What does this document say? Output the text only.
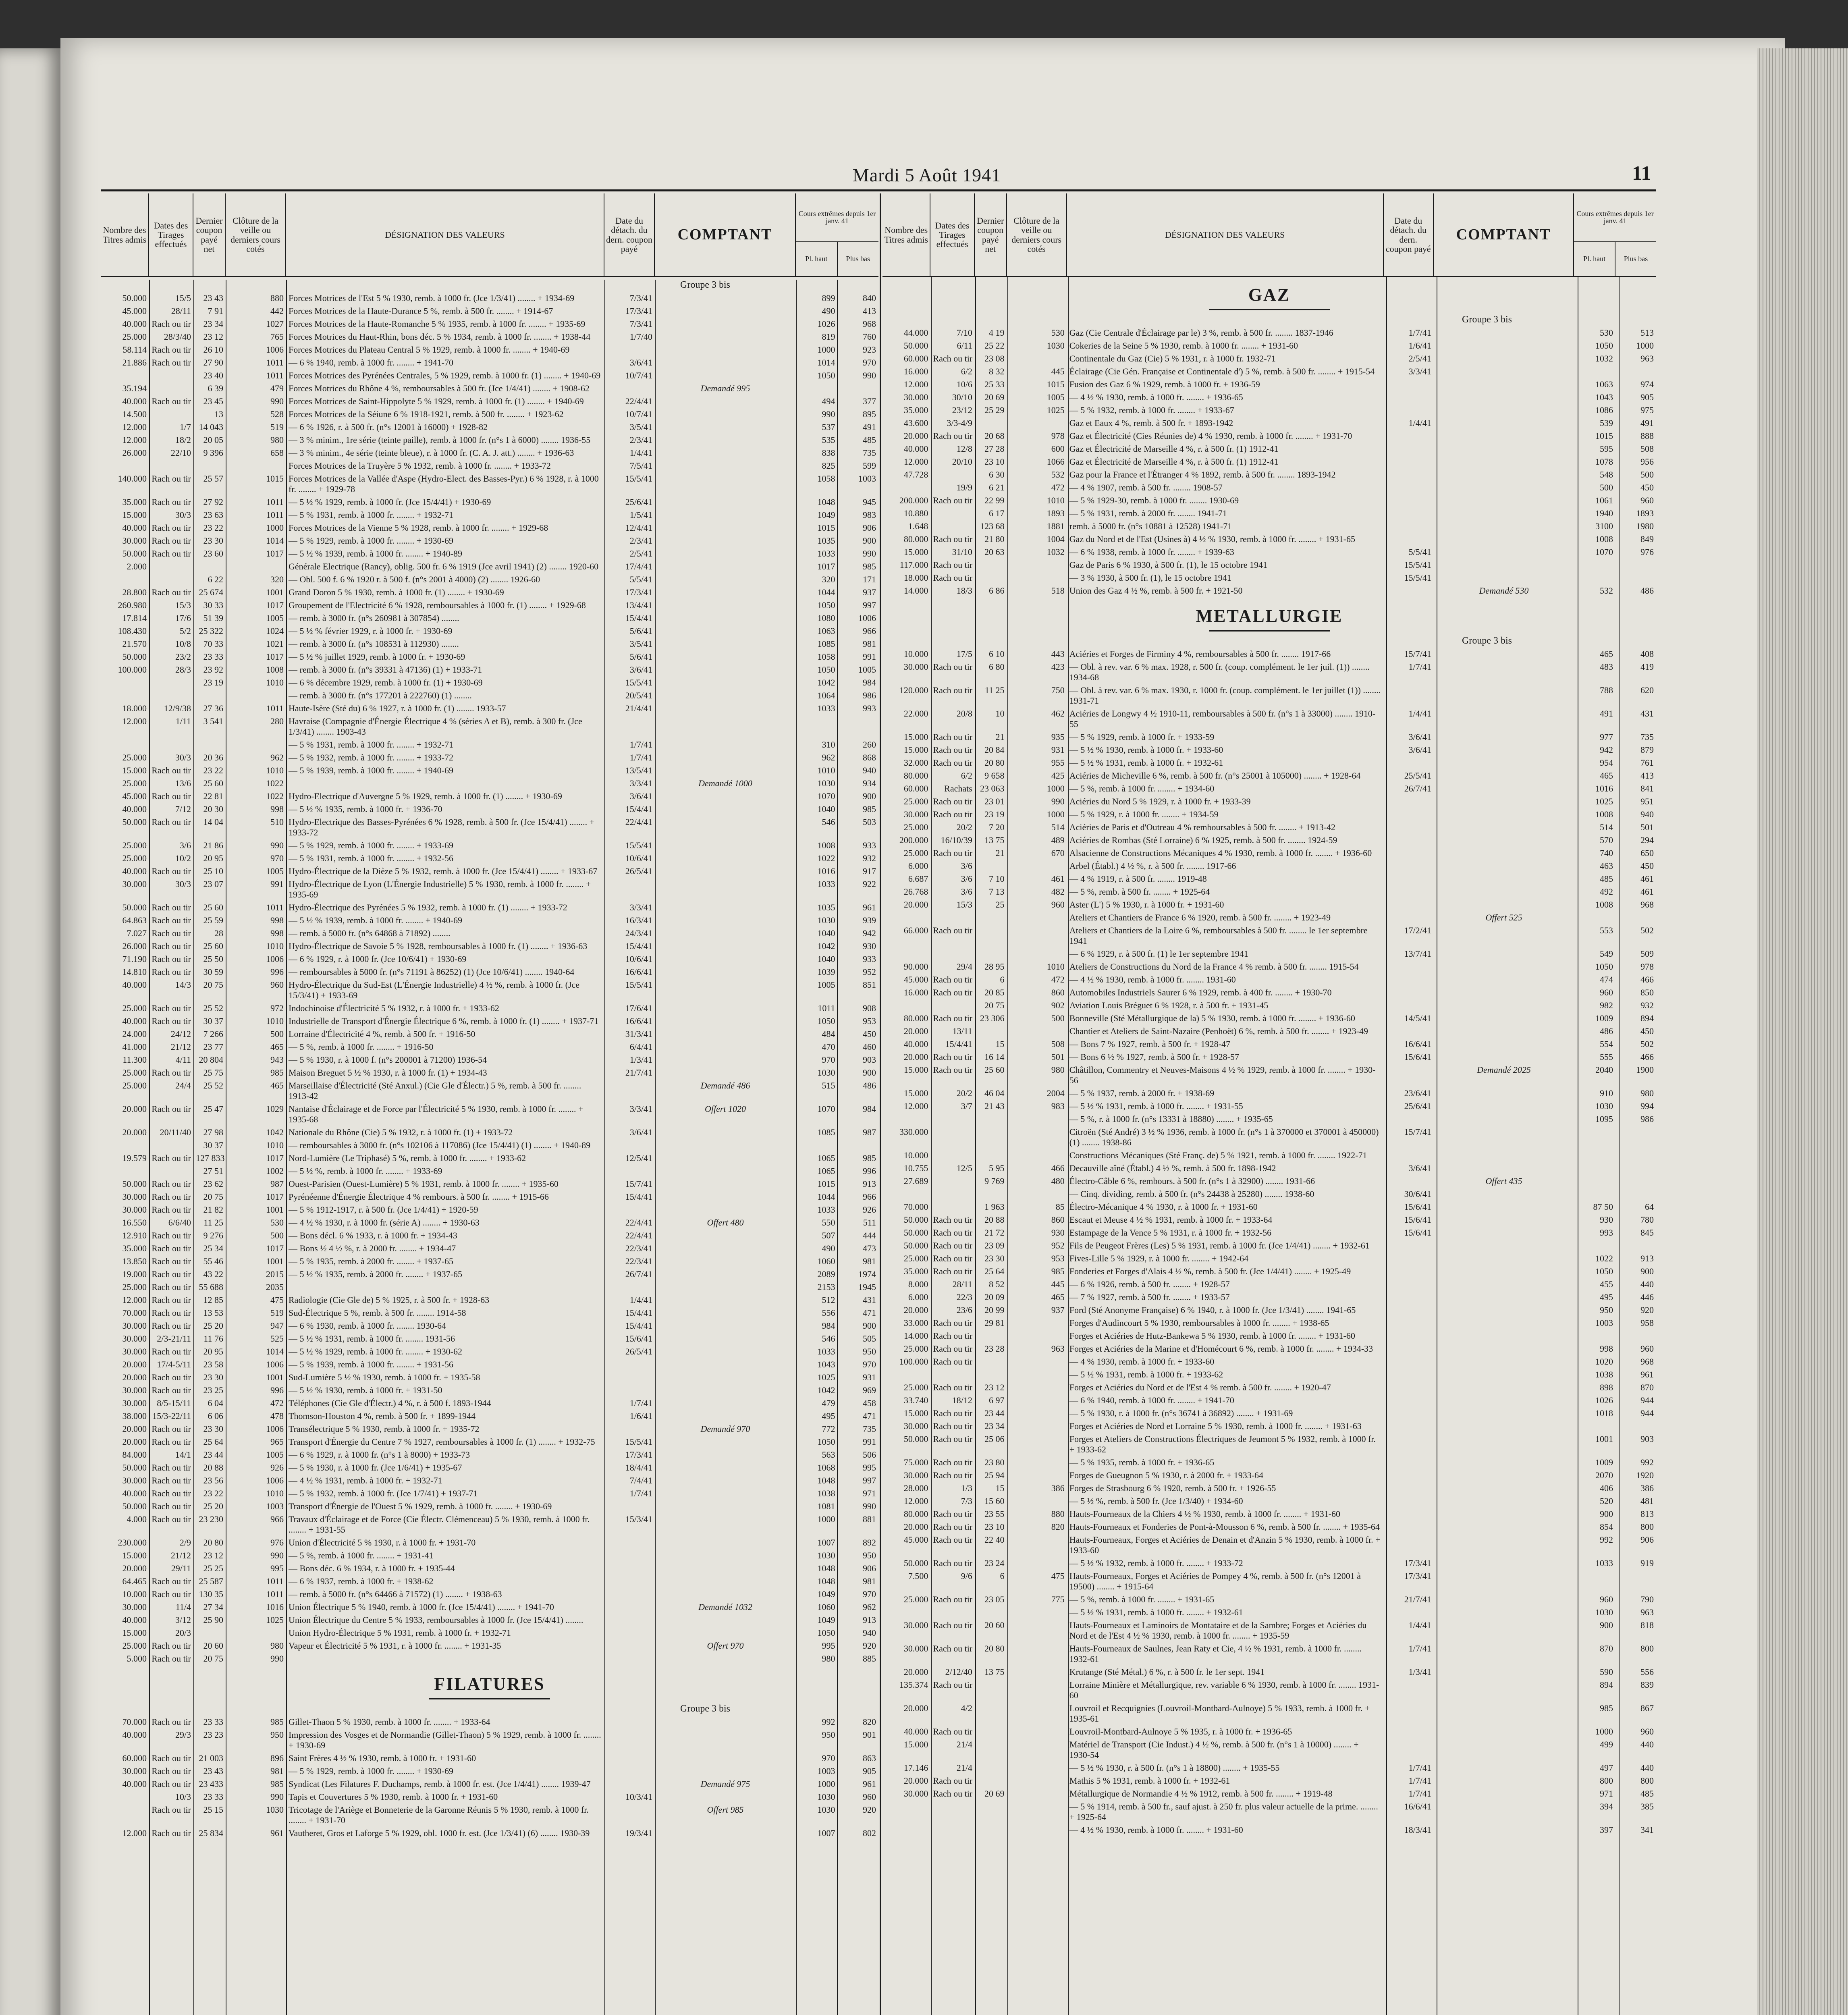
Mardi 5 Août 1941	11
Nombre des Titres admis
Dates des Tirages effectués
Dernier coupon payé net
Clôture de la veille ou derniers cours cotés
DÉSIGNATION DES VALEURS
Date du détach. du dern. coupon payé
COMPTANT
Cours extrêmes depuis 1er janv. 41
Pl. haut	Plus bas
Groupe 3 bis
50.000	15/5	23 43	880 Forces Motrices de l'Est 5 % 1930, remb. à 1000 fr. (Jce 1/3/41) ........ + 1934-69	7/3/41	899	840
45.000	28/11	7 91	442 Forces Motrices de la Haute-Durance 5 %, remb. à 500 fr. ........ + 1914-67	17/3/41	490	413
40.000 Rach ou tir	23 34	1027 Forces Motrices de la Haute-Romanche 5 % 1935, remb. à 1000 fr. ........ + 1935-69	7/3/41	1026	968
25.000	28/3/40	23 12	765 Forces Motrices du Haut-Rhin, bons déc. 5 % 1934, remb. à 1000 fr. ........ + 1938-44	1/7/40	819	760
58.114 Rach ou tir	26 10	1006 Forces Motrices du Plateau Central 5 % 1929, remb. à 1000 fr. ........ + 1940-69	1000	923
21.886 Rach ou tir	27 90	1011 — 6 % 1940, remb. à 1000 fr. ........ + 1941-70	3/6/41	1014	970
23 40	1011 Forces Motrices des Pyrénées Centrales, 5 % 1929, remb. à 1000 fr. (1) ........ + 1940-69	10/7/41	1050	990
35.194	6 39	479 Forces Motrices du Rhône 4 %, remboursables à 500 fr. (Jce 1/4/41) ........ + 1908-62	Demandé 995
40.000 Rach ou tir	23 45	990 Forces Motrices de Saint-Hippolyte 5 % 1929, remb. à 1000 fr. (1) ........ + 1940-69	22/4/41	494	377
14.500	13	528 Forces Motrices de la Séiune 6 % 1918-1921, remb. à 500 fr. ........ + 1923-62	10/7/41	990	895
12.000	1/7 14 043	519 — 6 % 1926, r. à 500 fr. (n°s 12001 à 16000) + 1928-82	3/5/41	537	491
12.000	18/2	20 05	980 — 3 % minim., 1re série (teinte paille), remb. à 1000 fr. (n°s 1 à 6000) ........ 1936-55	2/3/41	535	485
26.000	22/10	9 396	658 — 3 % minim., 4e série (teinte bleue), r. à 1000 fr. (C. A. J. att.) ........ + 1936-63	1/4/41	838	735
Forces Motrices de la Truyère 5 % 1932, remb. à 1000 fr. ........ + 1933-72	7/5/41	825	599
140.000 Rach ou tir	25 57	1015 Forces Motrices de la Vallée d'Aspe (Hydro-Elect. des Basses-Pyr.) 6 % 1928, r. à 1000 fr. ........ + 1929-78
15/5/41	1058	1003
35.000 Rach ou tir	27 92	1011 — 5 ½ % 1929, remb. à 1000 fr. (Jce 15/4/41) + 1930-69	25/6/41	1048	945
15.000	30/3	23 63	1011 — 5 % 1931, remb. à 1000 fr. ........ + 1932-71	1/5/41	1049	983
40.000 Rach ou tir	23 22	1000 Forces Motrices de la Vienne 5 % 1928, remb. à 1000 fr. ........ + 1929-68	12/4/41	1015	906
30.000 Rach ou tir	23 30	1014 — 5 % 1929, remb. à 1000 fr. ........ + 1930-69	2/3/41	1035	900
50.000 Rach ou tir	23 60	1017 — 5 ½ % 1939, remb. à 1000 fr. ........ + 1940-89	2/5/41	1033	990
2.000	Générale Electrique (Rancy), oblig. 500 fr. 6 % 1919 (Jce avril 1941) (2) ........ 1920-60	17/4/41	1017	985
6 22	320 — Obl. 500 f. 6 % 1920 r. à 500 f. (n°s 2001 à 4000) (2) ........ 1926-60	5/5/41	320	171
28.800 Rach ou tir 25 674	1001 Grand Doron 5 % 1930, remb. à 1000 fr. (1) ........ + 1930-69	17/3/41	1044	937
260.980	15/3	30 33	1017 Groupement de l'Electricité 6 % 1928, remboursables à 1000 fr. (1) ........ + 1929-68	13/4/41	1050	997
17.814	17/6	51 39	1005 — remb. à 3000 fr. (n°s 260981 à 307854) ........	15/4/41	1080	1006
108.430	5/2 25 322	1024 — 5 ½ % février 1929, r. à 1000 fr. + 1930-69	5/6/41	1063	966
21.570	10/8	70 33	1021 — remb. à 3000 fr. (n°s 108531 à 112930) ........	3/5/41	1085	981
50.000	23/2	23 33	1017 — 5 ½ % juillet 1929, remb. à 1000 fr. + 1930-69	5/6/41	1058	991
100.000	28/3	23 92	1008 — remb. à 3000 fr. (n°s 39331 à 47136) (1) + 1933-71	3/6/41	1050	1005
23 19	1010 — 6 % décembre 1929, remb. à 1000 fr. (1) + 1930-69	15/5/41	1042	984
— remb. à 3000 fr. (n°s 177201 à 222760) (1) ........	20/5/41	1064	986
18.000	12/9/38	27 36	1011 Haute-Isère (Sté du) 6 % 1927, r. à 1000 fr. (1) ........ 1933-57	21/4/41	1033	993
12.000	1/11	3 541	280 Havraise (Compagnie d'Énergie Électrique 4 % (séries A et B), remb. à 300 fr. (Jce 1/3/41) ........ 1903-43
— 5 % 1931, remb. à 1000 fr. ........ + 1932-71	1/7/41	310	260
25.000	30/3	20 36	962 — 5 % 1932, remb. à 1000 fr. ........ + 1933-72	1/7/41	962	868
15.000 Rach ou tir	23 22	1010 — 5 % 1939, remb. à 1000 fr. ........ + 1940-69	13/5/41	1010	940
25.000	13/6	25 60	1022	3/3/41	Demandé 1000	1030	934
45.000 Rach ou tir	22 81	1022 Hydro-Electrique d'Auvergne 5 % 1929, remb. à 1000 fr. (1) ........ + 1930-69	3/6/41	1070	900
40.000	7/12	20 30	998 — 5 ½ % 1935, remb. à 1000 fr. + 1936-70	15/4/41	1040	985
50.000 Rach ou tir	14 04	510 Hydro-Electrique des Basses-Pyrénées 6 % 1928, remb. à 500 fr. (Jce 15/4/41) ........ + 1933-72
22/4/41	546	503
25.000	3/6	21 86	990 — 5 % 1929, remb. à 1000 fr. ........ + 1933-69	15/5/41	1008	933
25.000	10/2	20 95	970 — 5 % 1931, remb. à 1000 fr. ........ + 1932-56	10/6/41	1022	932
40.000 Rach ou tir	25 10	1005 Hydro-Électrique de la Dièze 5 % 1932, remb. à 1000 fr. (Jce 15/4/41) ........ + 1933-67	26/5/41	1016	917
30.000	30/3	23 07	991 Hydro-Électrique de Lyon (L'Énergie Industrielle) 5 % 1930, remb. à 1000 fr. ........ + 1935-69
1033	922
50.000 Rach ou tir	25 60	1011 Hydro-Électrique des Pyrénées 5 % 1932, remb. à 1000 fr. (1) ........ + 1933-72	3/3/41	1035	961
64.863 Rach ou tir	25 59	998 — 5 ½ % 1939, remb. à 1000 fr. ........ + 1940-69	16/3/41	1030	939
7.027 Rach ou tir	28	998 — remb. à 5000 fr. (n°s 64868 à 71892) ........	24/3/41	1040	942
26.000 Rach ou tir	25 60	1010 Hydro-Électrique de Savoie 5 % 1928, remboursables à 1000 fr. (1) ........ + 1936-63	15/4/41	1042	930
71.190 Rach ou tir	25 50	1006 — 6 % 1929, r. à 1000 fr. (Jce 10/6/41) + 1930-69	10/6/41	1040	933
14.810 Rach ou tir	30 59	996 — remboursables à 5000 fr. (n°s 71191 à 86252) (1) (Jce 10/6/41) ........ 1940-64	16/6/41	1039	952
40.000	14/3	20 75	960 Hydro-Électrique du Sud-Est (L'Énergie Industrielle) 4 ½ %, remb. à 1000 fr. (Jce 15/3/41) + 1933-69
15/5/41	1005	851
25.000 Rach ou tir	25 52	972 Indochinoise d'Électricité 5 % 1932, r. à 1000 fr. + 1933-62	17/6/41	1011	908
40.000 Rach ou tir	30 37	1010 Industrielle de Transport d'Énergie Électrique 6 %, remb. à 1000 fr. (1) ........ + 1937-71	16/6/41	1050	953
24.000	24/12	7 266	500 Lorraine d'Électricité 4 %, remb. à 500 fr. + 1916-50	31/3/41	484	450
41.000	21/12	23 77	465 — 5 %, remb. à 1000 fr. ........ + 1916-50	6/4/41	470	460
11.300	4/11 20 804	943 — 5 % 1930, r. à 1000 f. (n°s 200001 à 71200) 1936-54	1/3/41	970	903
25.000 Rach ou tir	25 75	985 Maison Breguet 5 ½ % 1930, r. à 1000 fr. (1) + 1934-43	21/7/41	1030	900
25.000	24/4	25 52	465 Marseillaise d'Électricité (Sté Anxul.) (Cie Gle d'Électr.) 5 %, remb. à 500 fr. ........ 1913-42
Demandé 486	515	486
20.000 Rach ou tir	25 47	1029 Nantaise d'Éclairage et de Force par l'Électricité 5 % 1930, remb. à 1000 fr. ........ + 1935-68
3/3/41	Offert 1020	1070	984
20.000	20/11/40	27 98	1042 Nationale du Rhône (Cie) 5 % 1932, r. à 1000 fr. (1) + 1933-72	3/6/41	1085	987
30 37	1010 — remboursables à 3000 fr. (n°s 102106 à 117086) (Jce 15/4/41) (1) ........ + 1940-89
19.579 Rach ou tir 127 833	1017 Nord-Lumière (Le Triphasé) 5 %, remb. à 1000 fr. ........ + 1933-62	12/5/41	1065	985
27 51	1002 — 5 ½ %, remb. à 1000 fr. ........ + 1933-69	1065	996
50.000 Rach ou tir	23 62	987 Ouest-Parisien (Ouest-Lumière) 5 % 1931, remb. à 1000 fr. ........ + 1935-60	15/7/41	1015	913
30.000 Rach ou tir	20 75	1017 Pyrénéenne d'Énergie Électrique 4 % rembours. à 500 fr. ........ + 1915-66	15/4/41	1044	966
30.000 Rach ou tir	21 82	1001 — 5 % 1912-1917, r. à 500 fr. (Jce 1/4/41) + 1920-59	1033	926
16.550	6/6/40	11 25	530 — 4 ½ % 1930, r. à 1000 fr. (série A) ........ + 1930-63	22/4/41	Offert 480	550	511
12.910 Rach ou tir	9 276	500 — Bons décl. 6 % 1933, r. à 1000 fr. + 1934-43	22/4/41	507	444
35.000 Rach ou tir	25 34	1017 — Bons ½ 4 ½ %, r. à 2000 fr. ........ + 1934-47	22/3/41	490	473
13.850 Rach ou tir	55 46	1001 — 5 % 1935, remb. à 2000 fr. ........ + 1937-65	22/3/41	1060	981
19.000 Rach ou tir	43 22	2015 — 5 ½ % 1935, remb. à 2000 fr. ........ + 1937-65	26/7/41	2089	1974
25.000 Rach ou tir 55 688	2035	2153	1945
12.000 Rach ou tir	12 85	475 Radiologie (Cie Gle de) 5 % 1925, r. à 500 fr. + 1928-63	1/4/41	512	431
70.000 Rach ou tir	13 53	519 Sud-Électrique 5 %, remb. à 500 fr. ........ 1914-58	15/4/41	556	471
30.000 Rach ou tir	25 20	947 — 6 % 1930, remb. à 1000 fr. ........ 1930-64	15/4/41	984	900
30.000	2/3-21/11	11 76	525 — 5 ½ % 1931, remb. à 1000 fr. ........ 1931-56	15/6/41	546	505
30.000 Rach ou tir	20 95	1014 — 5 ½ % 1929, remb. à 1000 fr. ........ + 1930-62	26/5/41	1033	950
20.000	17/4-5/11	23 58	1006 — 5 % 1939, remb. à 1000 fr. ........ + 1931-56	1043	970
20.000 Rach ou tir	23 30	1001 Sud-Lumière 5 ½ % 1930, remb. à 1000 fr. + 1935-58	1025	931
30.000 Rach ou tir	23 25	996 — 5 ½ % 1930, remb. à 1000 fr. + 1931-50	1042	969
30.000	8/5-15/11	6 04	472 Téléphones (Cie Gle d'Électr.) 4 %, r. à 500 f. 1893-1944	1/7/41	479	458
38.000 15/3-22/11	6 06	478 Thomson-Houston 4 %, remb. à 500 fr. + 1899-1944	1/6/41	495	471
20.000 Rach ou tir	23 30	1006 Transélectrique 5 % 1930, remb. à 1000 fr. + 1935-72	Demandé 970	772	735
20.000 Rach ou tir	25 64	965 Transport d'Énergie du Centre 7 % 1927, remboursables à 1000 fr. (1) ........ + 1932-75	15/5/41	1050	991
84.000	14/1	23 44	1005 — 6 % 1929, r. à 1000 fr. (n°s 1 à 8000) + 1933-73	17/3/41	563	506
50.000 Rach ou tir	20 88	926 — 5 % 1930, r. à 1000 fr. (Jce 1/6/41) + 1935-67	18/4/41	1068	995
30.000 Rach ou tir	23 56	1006 — 4 ½ % 1931, remb. à 1000 fr. + 1932-71	7/4/41	1048	997
40.000 Rach ou tir	23 22	1010 — 5 % 1932, remb. à 1000 fr. (Jce 1/7/41) + 1937-71	1/7/41	1038	971
50.000 Rach ou tir	25 20	1003 Transport d'Énergie de l'Ouest 5 % 1929, remb. à 1000 fr. ........ + 1930-69	1081	990
4.000 Rach ou tir 23 230	966 Travaux d'Éclairage et de Force (Cie Électr. Clémenceau) 5 % 1930, remb. à 1000 fr. ........ + 1931-55
15/3/41	1000	881
230.000	2/9	20 80	976 Union d'Électricité 5 % 1930, r. à 1000 fr. + 1931-70	1007	892
15.000	21/12	23 12	990 — 5 %, remb. à 1000 fr. ........ + 1931-41	1030	950
20.000	29/11	25 25	995 — Bons déc. 6 % 1934, r. à 1000 fr. + 1935-44	1048	906
64.465 Rach ou tir 25 587	1011 — 6 % 1937, remb. à 1000 fr. + 1938-62	1048	981
10.000 Rach ou tir 130 35	1011 — remb. à 5000 fr. (n°s 64466 à 71572) (1) ........ + 1938-63	1049	970
30.000	11/4	27 34	1016 Union Électrique 5 % 1940, remb. à 1000 fr. (Jce 15/4/41) ........ + 1941-70	Demandé 1032	1060	962
40.000	3/12	25 90	1025 Union Électrique du Centre 5 % 1933, remboursables à 1000 fr. (Jce 15/4/41) ........	1049	913
15.000	20/3	Union Hydro-Électrique 5 % 1931, remb. à 1000 fr. + 1932-71	1050	940
25.000 Rach ou tir	20 60	980 Vapeur et Électricité 5 % 1931, r. à 1000 fr. ........ + 1931-35	Offert 970	995	920
5.000 Rach ou tir	20 75	990	980	885
FILATURES
Groupe 3 bis
70.000 Rach ou tir	23 33	985 Gillet-Thaon 5 % 1930, remb. à 1000 fr. ........ + 1933-64	992	820
40.000	29/3	23 23	950 Impression des Vosges et de Normandie (Gillet-Thaon) 5 % 1929, remb. à 1000 fr. ........ + 1930-69
950	901
60.000 Rach ou tir 21 003	896 Saint Frères 4 ½ % 1930, remb. à 1000 fr. + 1931-60	970	863
30.000 Rach ou tir	23 43	981 — 5 % 1929, remb. à 1000 fr. ........ + 1930-69	1003	905
40.000 Rach ou tir 23 433	985 Syndicat (Les Filatures F. Duchamps, remb. à 1000 fr. est. (Jce 1/4/41) ........ 1939-47	Demandé 975	1000	961
10/3	23 33	990 Tapis et Couvertures 5 % 1930, remb. à 1000 fr. + 1931-60	10/3/41	1030	960
Rach ou tir	25 15	1030 Tricotage de l'Ariège et Bonneterie de la Garonne Réunis 5 % 1930, remb. à 1000 fr. ........ + 1931-70
Offert 985	1030	920
12.000 Rach ou tir 25 834	961 Vautheret, Gros et Laforge 5 % 1929, obl. 1000 fr. est. (Jce 1/3/41) (6) ........ 1930-39	19/3/41	1007	802
Nombre des Titres admis
Dates des Tirages effectués
Dernier coupon payé net
Clôture de la veille ou derniers cours cotés
DÉSIGNATION DES VALEURS
Date du détach. du dern. coupon payé
COMPTANT
Cours extrêmes depuis 1er janv. 41
Pl. haut	Plus bas
GAZ
Groupe 3 bis
44.000	7/10	4 19	530 Gaz (Cie Centrale d'Éclairage par le) 3 %, remb. à 500 fr. ........ 1837-1946	1/7/41	530	513
50.000	6/11	25 22	1030 Cokeries de la Seine 5 % 1930, remb. à 1000 fr. ........ + 1931-60	1/6/41	1050	1000
60.000 Rach ou tir	23 08	Continentale du Gaz (Cie) 5 % 1931, r. à 1000 fr. 1932-71	2/5/41	1032	963
16.000	6/2	8 32	445 Éclairage (Cie Gén. Française et Continentale d') 5 %, remb. à 500 fr. ........ + 1915-54	3/3/41
12.000	10/6	25 33	1015 Fusion des Gaz 6 % 1929, remb. à 1000 fr. + 1936-59	1063	974
30.000	30/10	20 69	1005 — 4 ½ % 1930, remb. à 1000 fr. ........ + 1936-65	1043	905
35.000	23/12	25 29	1025 — 5 % 1932, remb. à 1000 fr. ........ + 1933-67	1086	975
43.600	3/3-4/9	Gaz et Eaux 4 %, remb. à 500 fr. + 1893-1942	1/4/41	539	491
20.000 Rach ou tir	20 68	978 Gaz et Électricité (Cies Réunies de) 4 % 1930, remb. à 1000 fr. ........ + 1931-70	1015	888
40.000	12/8	27 28	600 Gaz et Électricité de Marseille 4 %, r. à 500 fr. (1) 1912-41	595	508
12.000	20/10	23 10	1066 Gaz et Électricité de Marseille 4 %, r. à 500 fr. (1) 1912-41	1078	956
47.728	6 30	532 Gaz pour la France et l'Étranger 4 % 1892, remb. à 500 fr. ........ 1893-1942	548	500
19/9	6 21	472 — 4 % 1907, remb. à 500 fr. ........ 1908-57	500	450
200.000 Rach ou tir	22 99	1010 — 5 % 1929-30, remb. à 1000 fr. ........ 1930-69	1061	960
10.880	6 17	1893 — 5 % 1931, remb. à 2000 fr. ........ 1941-71	1940	1893
1.648	123 68	1881 remb. à 5000 fr. (n°s 10881 à 12528) 1941-71	3100	1980
80.000 Rach ou tir	21 80	1004 Gaz du Nord et de l'Est (Usines à) 4 ½ % 1930, remb. à 1000 fr. ........ + 1931-65	1008	849
15.000	31/10	20 63	1032 — 6 % 1938, remb. à 1000 fr. ........ + 1939-63	5/5/41	1070	976
117.000 Rach ou tir	Gaz de Paris 6 % 1930, à 500 fr. (1), le 15 octobre 1941	15/5/41
18.000 Rach ou tir	— 3 % 1930, à 500 fr. (1), le 15 octobre 1941	15/5/41
14.000	18/3	6 86	518 Union des Gaz 4 ½ %, remb. à 500 fr. + 1921-50	Demandé 530	532	486
METALLURGIE
Groupe 3 bis
10.000	17/5	6 10	443 Aciéries et Forges de Firminy 4 %, remboursables à 500 fr. ........ 1917-66	15/7/41	465	408
30.000 Rach ou tir	6 80	423 — Obl. à rev. var. 6 % max. 1928, r. 500 fr. (coup. complément. le 1er juil. (1)) ........ 1934-68
1/7/41	483	419
120.000 Rach ou tir	11 25	750 — Obl. à rev. var. 6 % max. 1930, r. 1000 fr. (coup. complément. le 1er juillet (1)) ........ 1931-71
788	620
22.000	20/8	10	462 Aciéries de Longwy 4 ½ 1910-11, remboursables à 500 fr. (n°s 1 à 33000) ........ 1910-55
1/4/41	491	431
15.000 Rach ou tir	21	935 — 5 % 1929, remb. à 1000 fr. + 1933-59	3/6/41	977	735
15.000 Rach ou tir	20 84	931 — 5 ½ % 1930, remb. à 1000 fr. + 1933-60	3/6/41	942	879
32.000 Rach ou tir	20 80	955 — 5 ½ % 1931, remb. à 1000 fr. + 1932-61	954	761
80.000	6/2	9 658	425 Aciéries de Micheville 6 %, remb. à 500 fr. (n°s 25001 à 105000) ........ + 1928-64	25/5/41	465	413
60.000	Rachats 23 063	1000 — 5 %, remb. à 1000 fr. ........ + 1934-60	26/7/41	1016	841
25.000 Rach ou tir	23 01	990 Aciéries du Nord 5 % 1929, r. à 1000 fr. + 1933-39	1025	951
30.000 Rach ou tir	23 19	1000 — 5 % 1929, r. à 1000 fr. ........ + 1934-59	1008	940
25.000	20/2	7 20	514 Aciéries de Paris et d'Outreau 4 % remboursables à 500 fr. ........ + 1913-42	514	501
200.000	16/10/39	13 75	489 Aciéries de Rombas (Sté Lorraine) 6 % 1925, remb. à 500 fr. ........ 1924-59	570	294
25.000 Rach ou tir	21	670 Alsacienne de Constructions Mécaniques 4 % 1930, remb. à 1000 fr. ........ + 1936-60	740	650
6.000	3/6	Arbel (Établ.) 4 ½ %, r. à 500 fr. ........ 1917-66	463	450
6.687	3/6	7 10	461 — 4 % 1919, r. à 500 fr. ........ 1919-48	485	461
26.768	3/6	7 13	482 — 5 %, remb. à 500 fr. ........ + 1925-64	492	461
20.000	15/3	25	960 Aster (L') 5 % 1930, r. à 1000 fr. + 1931-60	1008	968
Ateliers et Chantiers de France 6 % 1920, remb. à 500 fr. ........ + 1923-49	Offert 525
66.000 Rach ou tir	Ateliers et Chantiers de la Loire 6 %, remboursables à 500 fr. ........ le 1er septembre 1941
17/2/41	553	502
— 6 % 1929, r. à 500 fr. (1) le 1er septembre 1941	13/7/41	549	509
90.000	29/4	28 95	1010 Ateliers de Constructions du Nord de la France 4 % remb. à 500 fr. ........ 1915-54	1050	978
45.000 Rach ou tir	6	472 — 4 ½ % 1930, remb. à 1000 fr. ........ 1931-60	474	466
16.000 Rach ou tir	20 85	860 Automobiles Industriels Saurer 6 % 1929, remb. à 400 fr. ........ + 1930-70	960	850
20 75	902 Aviation Louis Bréguet 6 % 1928, r. à 500 fr. + 1931-45	982	932
80.000 Rach ou tir 23 306	500 Bonneville (Sté Métallurgique de la) 5 % 1930, remb. à 1000 fr. ........ + 1936-60	14/5/41	1009	894
20.000	13/11	Chantier et Ateliers de Saint-Nazaire (Penhoët) 6 %, remb. à 500 fr. ........ + 1923-49	486	450
40.000	15/4/41	15	508 — Bons 7 % 1927, remb. à 500 fr. + 1928-47	16/6/41	554	502
20.000 Rach ou tir	16 14	501 — Bons 6 ½ % 1927, remb. à 500 fr. + 1928-57	15/6/41	555	466
15.000 Rach ou tir	25 60	980 Châtillon, Commentry et Neuves-Maisons 4 ½ % 1929, remb. à 1000 fr. ........ + 1930-56
Demandé 2025	2040	1900
15.000	20/2	46 04	2004 — 5 % 1937, remb. à 2000 fr. + 1938-69	23/6/41	910	980
12.000	3/7	21 43	983 — 5 ½ % 1931, remb. à 1000 fr. ........ + 1931-55	25/6/41	1030	994
— 5 %, r. à 1000 fr. (n°s 13331 à 18880) ........ + 1935-65	1095	986
330.000	Citroën (Sté André) 3 ½ % 1936, remb. à 1000 fr. (n°s 1 à 370000 et 370001 à 450000) (1) ........ 1938-86
15/7/41
10.000	Constructions Mécaniques (Sté Franç. de) 5 % 1921, remb. à 1000 fr. ........ 1922-71
10.755	12/5	5 95	466 Decauville aîné (Établ.) 4 ½ %, remb. à 500 fr. 1898-1942	3/6/41
27.689	9 769	480 Électro-Câble 6 %, rembours. à 500 fr. (n°s 1 à 32900) ........ 1931-66	Offert 435
— Cinq. dividing, remb. à 500 fr. (n°s 24438 à 25280) ........ 1938-60	30/6/41
70.000	1 963	85 Électro-Mécanique 4 % 1930, r. à 1000 fr. + 1931-60	15/6/41	87 50	64
50.000 Rach ou tir	20 88	860 Escaut et Meuse 4 ½ % 1931, remb. à 1000 fr. + 1933-64	15/6/41	930	780
50.000 Rach ou tir	21 72	930 Estampage de la Vence 5 % 1931, r. à 1000 fr. + 1932-56	15/6/41	993	845
50.000 Rach ou tir	23 09	952 Fils de Peugeot Frères (Les) 5 % 1931, remb. à 1000 fr. (Jce 1/4/41) ........ + 1932-61
25.000 Rach ou tir	23 30	953 Fives-Lille 5 % 1929, r. à 1000 fr. ........ + 1942-64	1022	913
35.000 Rach ou tir	25 64	985 Fonderies et Forges d'Alais 4 ½ %, remb. à 500 fr. (Jce 1/4/41) ........ + 1925-49	1050	900
8.000	28/11	8 52	445 — 6 % 1926, remb. à 500 fr. ........ + 1928-57	455	440
6.000	22/3	20 09	465 — 7 % 1927, remb. à 500 fr. ........ + 1933-57	495	446
20.000	23/6	20 99	937 Ford (Sté Anonyme Française) 6 % 1940, r. à 1000 fr. (Jce 1/3/41) ........ 1941-65	950	920
33.000 Rach ou tir	29 81	Forges d'Audincourt 5 % 1930, remboursables à 1000 fr. ........ + 1938-65	1003	958
14.000 Rach ou tir	Forges et Aciéries de Hutz-Bankewa 5 % 1930, remb. à 1000 fr. ........ + 1931-60
25.000 Rach ou tir	23 28	963 Forges et Aciéries de la Marine et d'Homécourt 6 %, remb. à 1000 fr. ........ + 1934-33	998	960
100.000 Rach ou tir	— 4 % 1930, remb. à 1000 fr. + 1933-60	1020	968
— 5 ½ % 1931, remb. à 1000 fr. + 1933-62	1038	961
25.000 Rach ou tir	23 12	Forges et Aciéries du Nord et de l'Est 4 % remb. à 500 fr. ........ + 1920-47	898	870
33.740	18/12	6 97	— 6 % 1940, remb. à 1000 fr. ........ + 1941-70	1026	944
15.000 Rach ou tir	23 44	— 5 % 1930, r. à 1000 fr. (n°s 36741 à 36892) ........ + 1931-69	1018	944
30.000 Rach ou tir	23 34	Forges et Aciéries de Nord et Lorraine 5 % 1930, remb. à 1000 fr. ........ + 1931-63
50.000 Rach ou tir	25 06	Forges et Ateliers de Constructions Électriques de Jeumont 5 % 1932, remb. à 1000 fr. + 1933-62
1001	903
75.000 Rach ou tir	23 80	— 5 % 1935, remb. à 1000 fr. + 1936-65	1009	992
30.000 Rach ou tir	25 94	Forges de Gueugnon 5 % 1930, r. à 2000 fr. + 1933-64	2070	1920
28.000	1/3	15	386 Forges de Strasbourg 6 % 1920, remb. à 500 fr. + 1926-55	406	386
12.000	7/3	15 60	— 5 ½ %, remb. à 500 fr. (Jce 1/3/40) + 1934-60	520	481
80.000 Rach ou tir	23 55	880 Hauts-Fourneaux de la Chiers 4 ½ % 1930, remb. à 1000 fr. ........ + 1931-60	900	813
20.000 Rach ou tir	23 10	820 Hauts-Fourneaux et Fonderies de Pont-à-Mousson 6 %, remb. à 500 fr. ........ + 1935-64	854	800
45.000 Rach ou tir	22 40	Hauts-Fourneaux, Forges et Aciéries de Denain et d'Anzin 5 % 1930, remb. à 1000 fr. + 1933-60
992	906
50.000 Rach ou tir	23 24	— 5 ½ % 1932, remb. à 1000 fr. ........ + 1933-72	17/3/41	1033	919
7.500	9/6	6	475 Hauts-Fourneaux, Forges et Aciéries de Pompey 4 %, remb. à 500 fr. (n°s 12001 à 19500) ........ + 1915-64
17/3/41
25.000 Rach ou tir	23 05	775 — 5 %, remb. à 1000 fr. ........ + 1931-65	21/7/41	960	790
— 5 ½ % 1931, remb. à 1000 fr. ........ + 1932-61	1030	963
30.000 Rach ou tir	20 60	Hauts-Fourneaux et Laminoirs de Montataire et de la Sambre; Forges et Aciéries du Nord et de l'Est 4 ½ % 1930, remb. à 1000 fr. ........ + 1935-59
1/4/41	900	818
30.000 Rach ou tir	20 80	Hauts-Fourneaux de Saulnes, Jean Raty et Cie, 4 ½ % 1931, remb. à 1000 fr. ........ 1932-61
1/7/41	870	800
20.000	2/12/40	13 75	Krutange (Sté Métal.) 6 %, r. à 500 fr. le 1er sept. 1941	1/3/41	590	556
135.374 Rach ou tir	Lorraine Minière et Métallurgique, rev. variable 6 % 1930, remb. à 1000 fr. ........ 1931-60
894	839
20.000	4/2	Louvroil et Recquignies (Louvroil-Montbard-Aulnoye) 5 % 1933, remb. à 1000 fr. + 1935-61
985	867
40.000 Rach ou tir	Louvroil-Montbard-Aulnoye 5 % 1935, r. à 1000 fr. + 1936-65	1000	960
15.000	21/4	Matériel de Transport (Cie Indust.) 4 ½ %, remb. à 500 fr. (n°s 1 à 10000) ........ + 1930-54
499	440
17.146	21/4	— 5 ½ % 1930, r. à 500 fr. (n°s 1 à 18800) ........ + 1935-55	1/7/41	497	440
20.000 Rach ou tir	Mathis 5 % 1931, remb. à 1000 fr. + 1932-61	1/7/41	800	800
30.000 Rach ou tir	20 69	Métallurgique de Normandie 4 ½ % 1912, remb. à 500 fr. ........ + 1919-48	1/7/41	971	485
— 5 % 1914, remb. à 500 fr., sauf ajust. à 250 fr. plus valeur actuelle de la prime. ........ + 1925-64
16/6/41	394	385
— 4 ½ % 1930, remb. à 1000 fr. ........ + 1931-60	18/3/41	397	341
